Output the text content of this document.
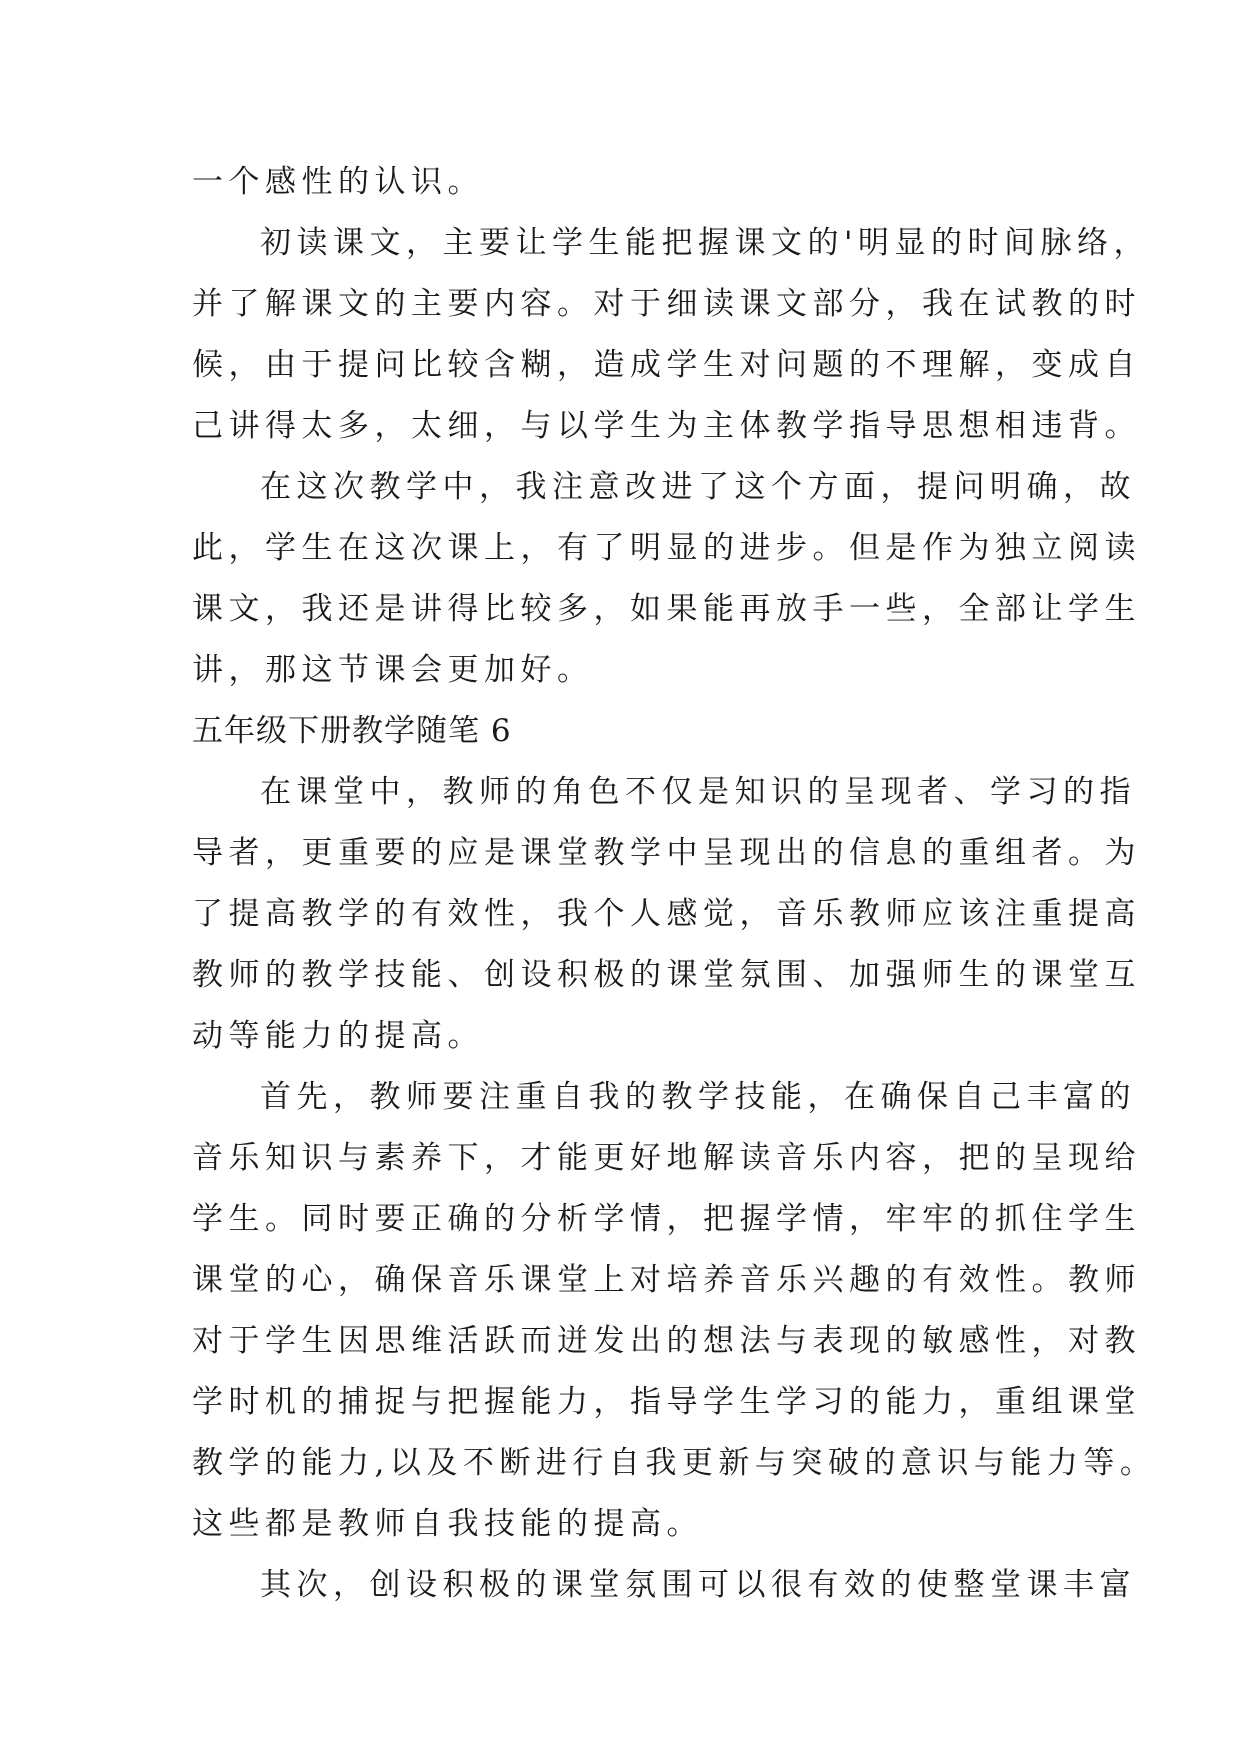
一个感性的认识。
初读课文，主要让学生能把握课文的'明显的时间脉络，
并了解课文的主要内容。对于细读课文部分，我在试教的时
候，由于提问比较含糊，造成学生对问题的不理解，变成自
己讲得太多，太细，与以学生为主体教学指导思想相违背。
在这次教学中，我注意改进了这个方面，提问明确，故
此，学生在这次课上，有了明显的进步。但是作为独立阅读
课文，我还是讲得比较多，如果能再放手一些，全部让学生
讲，那这节课会更加好。
五年级下册教学随笔 6
在课堂中，教师的角色不仅是知识的呈现者、学习的指
导者，更重要的应是课堂教学中呈现出的信息的重组者。为
了提高教学的有效性，我个人感觉，音乐教师应该注重提高
教师的教学技能、创设积极的课堂氛围、加强师生的课堂互
动等能力的提高。
首先，教师要注重自我的教学技能，在确保自己丰富的
音乐知识与素养下，才能更好地解读音乐内容，把的呈现给
学生。同时要正确的分析学情，把握学情，牢牢的抓住学生
课堂的心，确保音乐课堂上对培养音乐兴趣的有效性。教师
对于学生因思维活跃而迸发出的想法与表现的敏感性，对教
学时机的捕捉与把握能力，指导学生学习的能力，重组课堂
教学的能力,以及不断进行自我更新与突破的意识与能力等。
这些都是教师自我技能的提高。
其次，创设积极的课堂氛围可以很有效的使整堂课丰富
